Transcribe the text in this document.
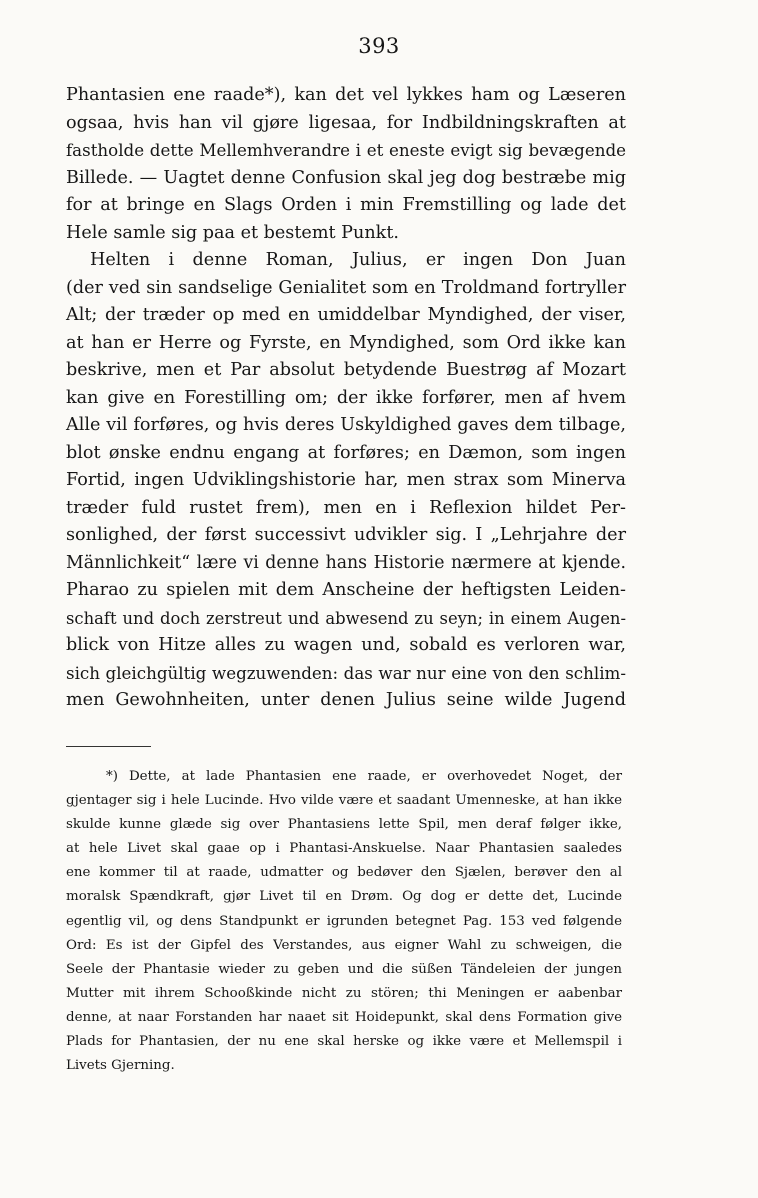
393
Phantasien ene raade*), kan det vel lykkes ham og Læseren
ogsaa, hvis han vil gjøre ligesaa, for Indbildningskraften at
fastholde dette Mellemhverandre i et eneste evigt sig bevægende
Billede. — Uagtet denne Confusion skal jeg dog bestræbe mig
for at bringe en Slags Orden i min Fremstilling og lade det
Hele samle sig paa et bestemt Punkt.
Helten i denne Roman, Julius, er ingen Don Juan
(der ved sin sandselige Genialitet som en Troldmand fortryller
Alt; der træder op med en umiddelbar Myndighed, der viser,
at han er Herre og Fyrste, en Myndighed, som Ord ikke kan
beskrive, men et Par absolut betydende Buestrøg af Mozart
kan give en Forestilling om; der ikke forfører, men af hvem
Alle vil forføres, og hvis deres Uskyldighed gaves dem tilbage,
blot ønske endnu engang at forføres; en Dæmon, som ingen
Fortid, ingen Udviklingshistorie har, men strax som Minerva
træder fuld rustet frem), men en i Reflexion hildet Per-
sonlighed, der først successivt udvikler sig. I „Lehrjahre der
Männlichkeit“ lære vi denne hans Historie nærmere at kjende.
Pharao zu spielen mit dem Anscheine der heftigsten Leiden-
schaft und doch zerstreut und abwesend zu seyn; in einem Augen-
blick von Hitze alles zu wagen und, sobald es verloren war,
sich gleichgültig wegzuwenden: das war nur eine von den schlim-
men Gewohnheiten, unter denen Julius seine wilde Jugend
*) Dette, at lade Phantasien ene raade, er overhovedet Noget, der
gjentager sig i hele Lucinde. Hvo vilde være et saadant Umenneske, at han ikke
skulde kunne glæde sig over Phantasiens lette Spil, men deraf følger ikke,
at hele Livet skal gaae op i Phantasi-Anskuelse. Naar Phantasien saaledes
ene kommer til at raade, udmatter og bedøver den Sjælen, berøver den al
moralsk Spændkraft, gjør Livet til en Drøm. Og dog er dette det, Lucinde
egentlig vil, og dens Standpunkt er igrunden betegnet Pag. 153 ved følgende
Ord: Es ist der Gipfel des Verstandes, aus eigner Wahl zu schweigen, die
Seele der Phantasie wieder zu geben und die süßen Tändeleien der jungen
Mutter mit ihrem Schooßkinde nicht zu stören; thi Meningen er aabenbar
denne, at naar Forstanden har naaet sit Hoidepunkt, skal dens Formation give
Plads for Phantasien, der nu ene skal herske og ikke være et Mellemspil i
Livets Gjerning.
